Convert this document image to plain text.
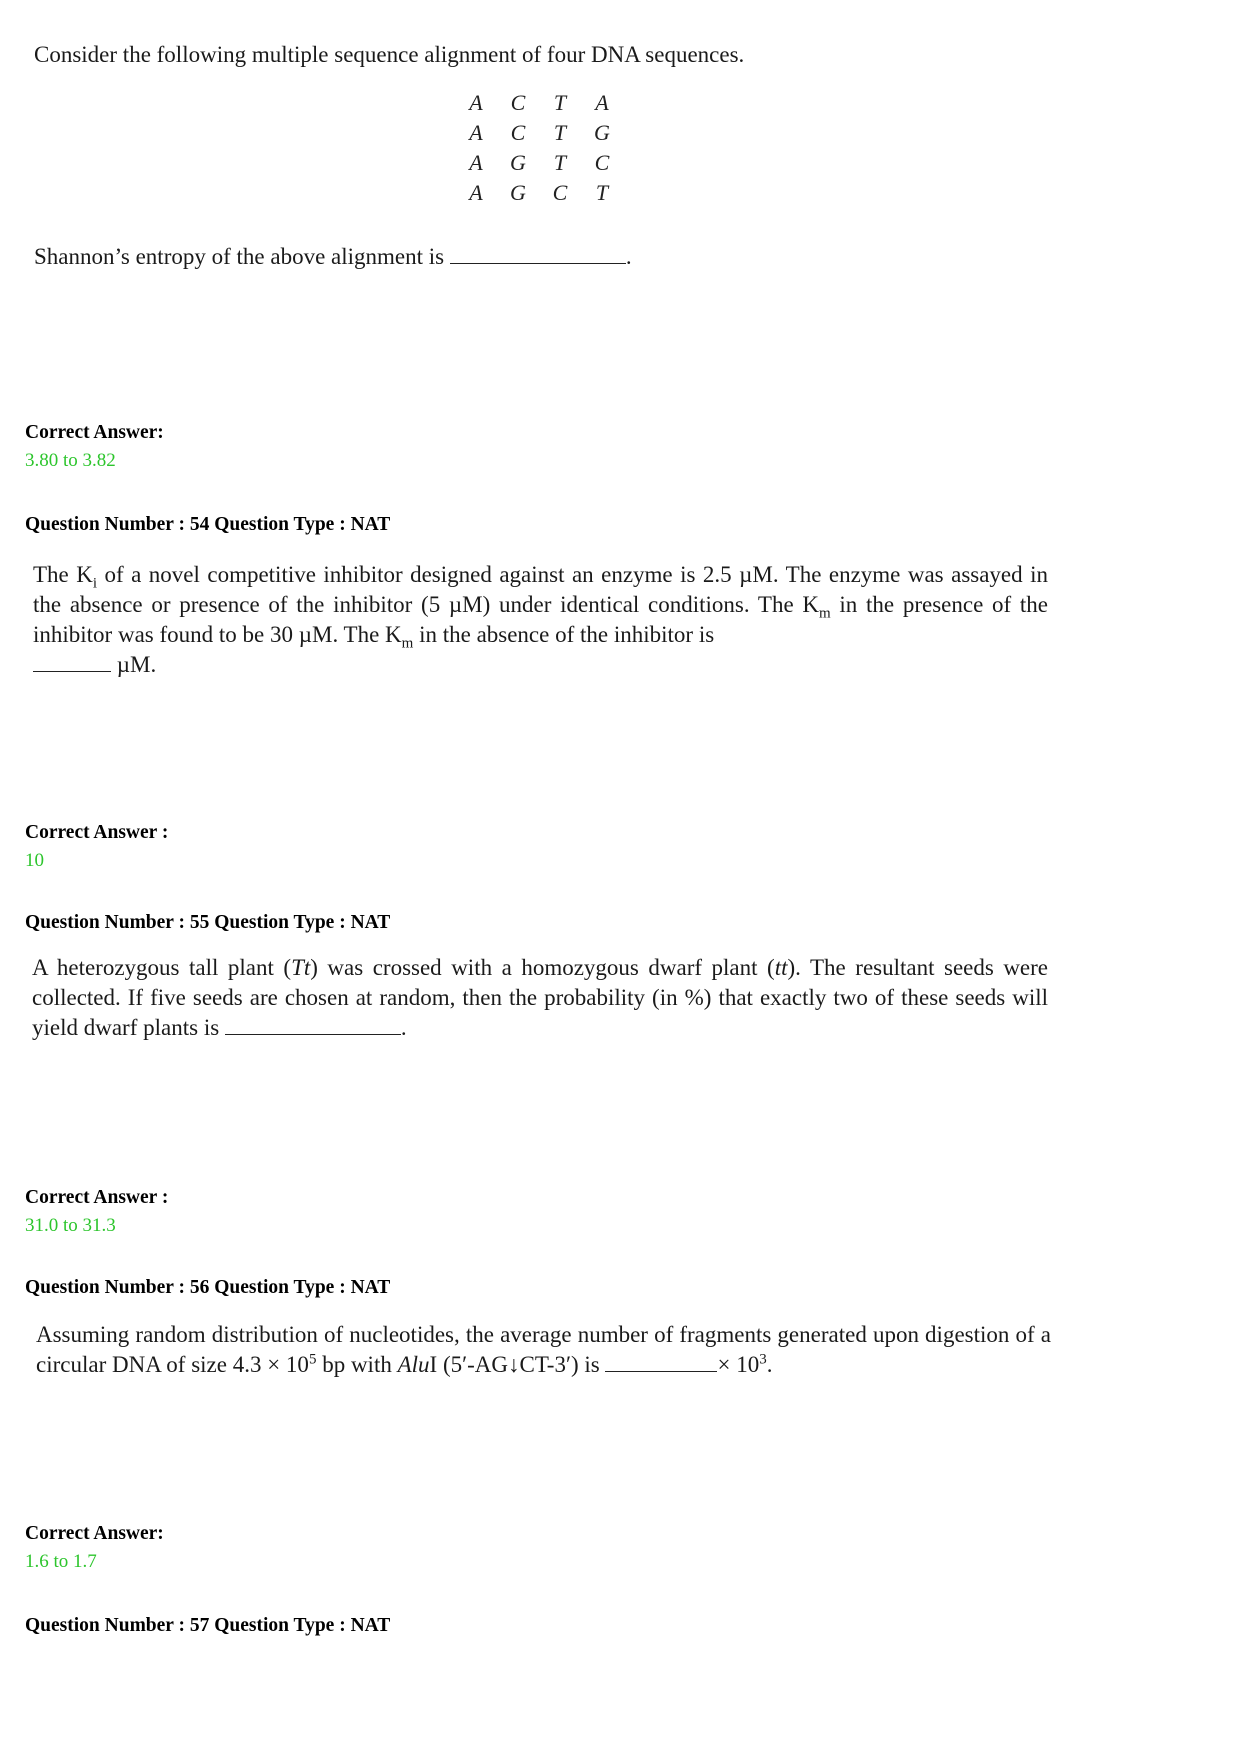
Consider the following multiple sequence alignment of four DNA sequences.
A C T A
A C T G
A G T C
A G C T
Shannon’s entropy of the above alignment is	.
Correct Answer:
3.80 to 3.82
Question Number : 54 Question Type : NAT
The $K_i$ of a novel competitive inhibitor designed against an enzyme is 2.5 µM. The enzyme was assayed in the absence or presence of the inhibitor (5 µM) under identical conditions. The $K_m$ in the presence of the inhibitor was found to be 30 µM. The $K_m$ in the absence of the inhibitor is
µM.
Correct Answer :
10
Question Number : 55 Question Type : NAT
A heterozygous tall plant (Tt) was crossed with a homozygous dwarf plant (tt). The resultant seeds were collected. If five seeds are chosen at random, then the probability (in %) that exactly two of these seeds will yield dwarf plants is	.
Correct Answer :
31.0 to 31.3
Question Number : 56 Question Type : NAT
Assuming random distribution of nucleotides, the average number of fragments generated upon digestion of a circular DNA of size $4.3 \times 10^5$ bp with AluI (5′-AG↓CT-3′) is	× $10^3$.
Correct Answer:
1.6 to 1.7
Question Number : 57 Question Type : NAT
